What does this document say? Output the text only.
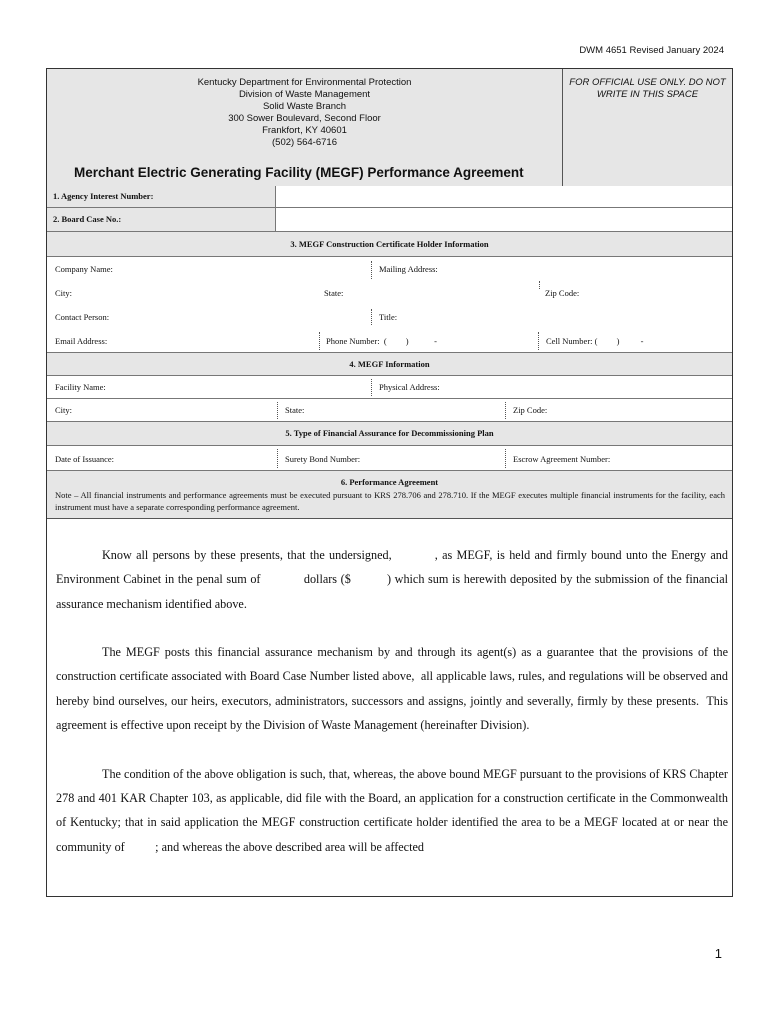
DWM 4651 Revised January 2024
Kentucky Department for Environmental Protection
Division of Waste Management
Solid Waste Branch
300 Sower Boulevard, Second Floor
Frankfort, KY 40601
(502) 564-6716
Merchant Electric Generating Facility (MEGF) Performance Agreement
FOR OFFICIAL USE ONLY. DO NOT WRITE IN THIS SPACE
1. Agency Interest Number:
2. Board Case No.:
3. MEGF Construction Certificate Holder Information
Company Name:	Mailing Address:
City:	State:	Zip Code:
Contact Person:	Title:
Email Address:	Phone Number:  (         )            -	Cell Number: (         )          -
4. MEGF Information
Facility Name:	Physical Address:
City:	State:	Zip Code:
5. Type of Financial Assurance for Decommissioning Plan
Date of Issuance:	Surety Bond Number:	Escrow Agreement Number:
6. Performance Agreement
Note – All financial instruments and performance agreements must be executed pursuant to KRS 278.706 and 278.710. If the MEGF executes multiple financial instruments for the facility, each instrument must have a separate corresponding performance agreement.

Know all persons by these presents, that the undersigned,          , as MEGF, is held and firmly bound unto the Energy and Environment Cabinet in the penal sum of            dollars ($          ) which sum is herewith deposited by the submission of the financial assurance mechanism identified above.

The MEGF posts this financial assurance mechanism by and through its agent(s) as a guarantee that the provisions of the construction certificate associated with Board Case Number listed above,  all applicable laws, rules, and regulations will be observed and hereby bind ourselves, our heirs, executors, administrators, successors and assigns, jointly and severally, firmly by these presents.  This agreement is effective upon receipt by the Division of Waste Management (hereinafter Division).

The condition of the above obligation is such, that, whereas, the above bound MEGF pursuant to the provisions of KRS Chapter 278 and 401 KAR Chapter 103, as applicable, did file with the Board, an application for a construction certificate in the Commonwealth of Kentucky; that in said application the MEGF construction certificate holder identified the area to be a MEGF located at or near the community of          ; and whereas the above described area will be affected

1
